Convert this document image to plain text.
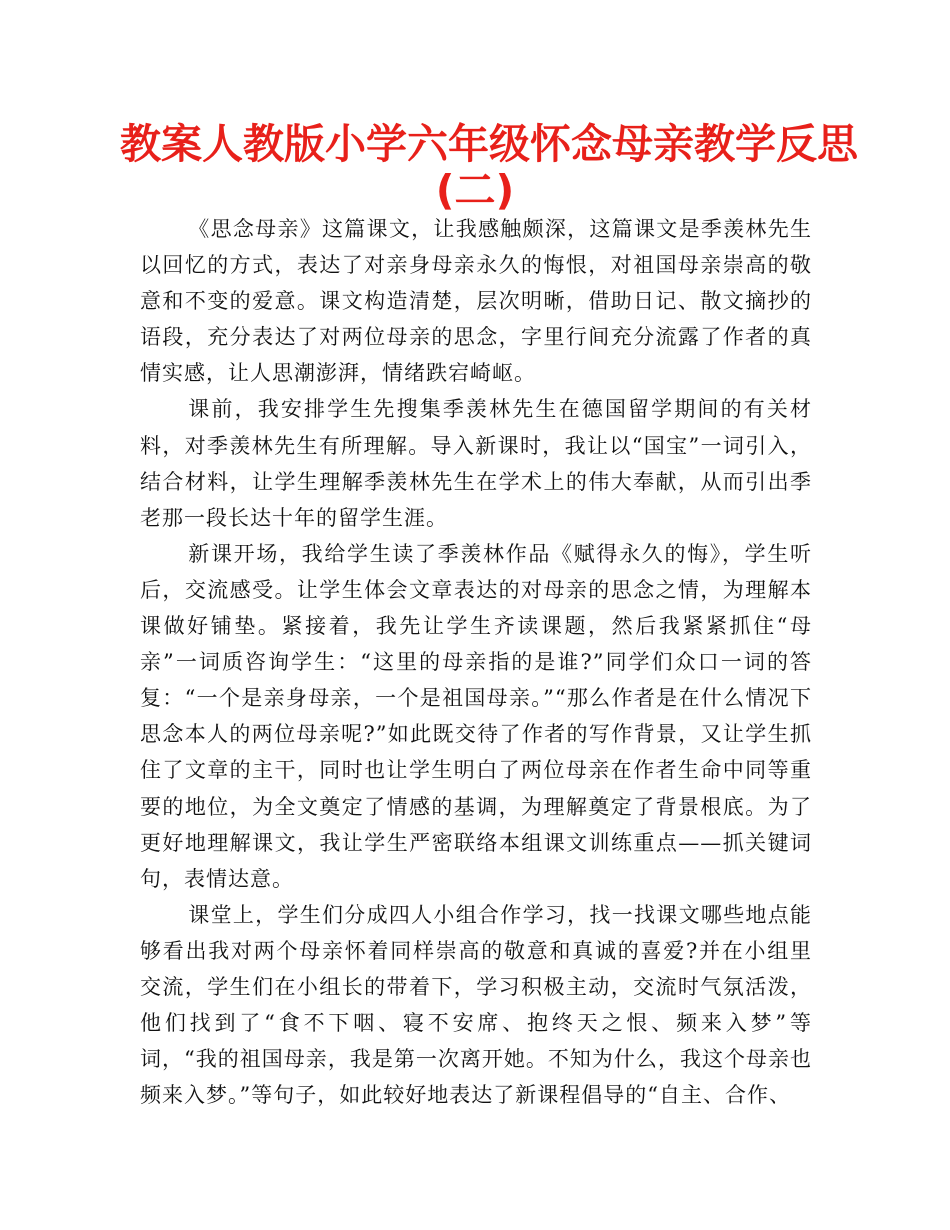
教案人教版小学六年级怀念母亲教学反思
(二)

《思念母亲》这篇课文，让我感触颇深，这篇课文是季羡林先生以回忆的方式，表达了对亲身母亲永久的悔恨，对祖国母亲崇高的敬意和不变的爱意。课文构造清楚，层次明晰，借助日记、散文摘抄的语段，充分表达了对两位母亲的思念，字里行间充分流露了作者的真情实感，让人思潮澎湃，情绪跌宕崎岖。

课前，我安排学生先搜集季羡林先生在德国留学期间的有关材料，对季羡林先生有所理解。导入新课时，我让以“国宝”一词引入，结合材料，让学生理解季羡林先生在学术上的伟大奉献，从而引出季老那一段长达十年的留学生涯。

新课开场，我给学生读了季羡林作品《赋得永久的悔》，学生听后，交流感受。让学生体会文章表达的对母亲的思念之情，为理解本课做好铺垫。紧接着，我先让学生齐读课题，然后我紧紧抓住“母亲”一词质咨询学生：“这里的母亲指的是谁?”同学们众口一词的答复：“一个是亲身母亲，一个是祖国母亲。”“那么作者是在什么情况下思念本人的两位母亲呢?”如此既交待了作者的写作背景，又让学生抓住了文章的主干，同时也让学生明白了两位母亲在作者生命中同等重要的地位，为全文奠定了情感的基调，为理解奠定了背景根底。为了更好地理解课文，我让学生严密联络本组课文训练重点——抓关键词句，表情达意。

课堂上，学生们分成四人小组合作学习，找一找课文哪些地点能够看出我对两个母亲怀着同样崇高的敬意和真诚的喜爱?并在小组里交流，学生们在小组长的带着下，学习积极主动，交流时气氛活泼，他们找到了“食不下咽、寝不安席、抱终天之恨、频来入梦”等词，“我的祖国母亲，我是第一次离开她。不知为什么，我这个母亲也频来入梦。”等句子，如此较好地表达了新课程倡导的“自主、合作、
